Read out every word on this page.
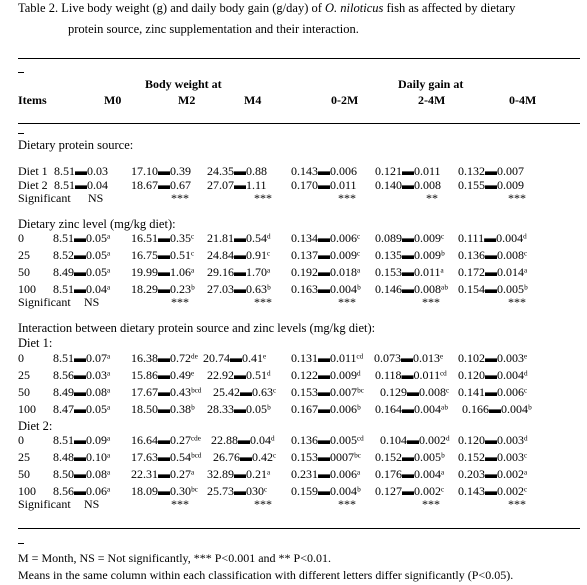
Table 2. Live body weight (g) and daily body gain (g/day) of O. niloticus fish as affected by dietary
protein source, zinc supplementation and their interaction.
Body weight at	Daily gain at
Items	M0	M2	M4	0-2M	2-4M	0-4M
Dietary protein source:
Diet 1 8.51▬0.03 17.10▬0.39 24.35▬0.88 0.143▬0.006 0.121▬0.011 0.132▬0.007
Diet 2 8.51▬0.04 18.67▬0.67 27.07▬1.11 0.170▬0.011 0.140▬0.008 0.155▬0.009
Significant NS	***	***	***	**	***
Dietary zinc level (mg/kg diet):
0 8.51▬0.05ᵃ 16.51▬0.35ᶜ 21.81▬0.54ᵈ 0.134▬0.006ᶜ 0.089▬0.009ᶜ 0.111▬0.004ᵈ
25 8.52▬0.05ᵃ 16.75▬0.51ᶜ 24.84▬0.91ᶜ 0.137▬0.009ᶜ 0.135▬0.009ᵇ 0.136▬0.008ᶜ
50 8.49▬0.05ᵃ 19.99▬1.06ᵃ 29.16▬1.70ᵃ 0.192▬0.018ᵃ 0.153▬0.011ᵃ 0.172▬0.014ᵃ
100 8.51▬0.04ᵃ 18.29▬0.23ᵇ 27.03▬0.63ᵇ 0.163▬0.004ᵇ 0.146▬0.008ᵃᵇ 0.154▬0.005ᵇ
Significant NS	***	***	***	***	***
Interaction between dietary protein source and zinc levels (mg/kg diet):
Diet 1:
0 8.51▬0.07ᵃ 16.38▬0.72ᵈᵉ 20.74▬0.41ᵉ 0.131▬0.011ᶜᵈ 0.073▬0.013ᵉ 0.102▬0.003ᵉ
25 8.56▬0.03ᵃ 15.86▬0.49ᵉ 22.92▬0.51ᵈ 0.122▬0.009ᵈ 0.118▬0.011ᶜᵈ 0.120▬0.004ᵈ
50 8.49▬0.08ᵃ 17.67▬0.43ᵇᶜᵈ 25.42▬0.63ᶜ 0.153▬0.007ᵇᶜ 0.129▬0.008ᶜ 0.141▬0.006ᶜ
100 8.47▬0.05ᵃ 18.50▬0.38ᵇ 28.33▬0.05ᵇ 0.167▬0.006ᵇ 0.164▬0.004ᵃᵇ 0.166▬0.004ᵇ
Diet 2:
0 8.51▬0.09ᵃ 16.64▬0.27ᶜᵈᵉ 22.88▬0.04ᵈ 0.136▬0.005ᶜᵈ 0.104▬0.002ᵈ 0.120▬0.003ᵈ
25 8.48▬0.10ᵃ 17.63▬0.54ᵇᶜᵈ 26.76▬0.42ᶜ 0.153▬0007ᵇᶜ 0.152▬0.005ᵇ 0.152▬0.003ᶜ
50 8.50▬0.08ᵃ 22.31▬0.27ᵃ 32.89▬0.21ᵃ 0.231▬0.006ᵃ 0.176▬0.004ᵃ 0.203▬0.002ᵃ
100 8.56▬0.06ᵃ 18.09▬0.30ᵇᶜ 25.73▬030ᶜ 0.159▬0.004ᵇ 0.127▬0.002ᶜ 0.143▬0.002ᶜ
Significant NS	***	***	***	***	***
M = Month, NS = Not significantly, *** P<0.001 and ** P<0.01.
Means in the same column within each classification with different letters differ significantly (P<0.05).
